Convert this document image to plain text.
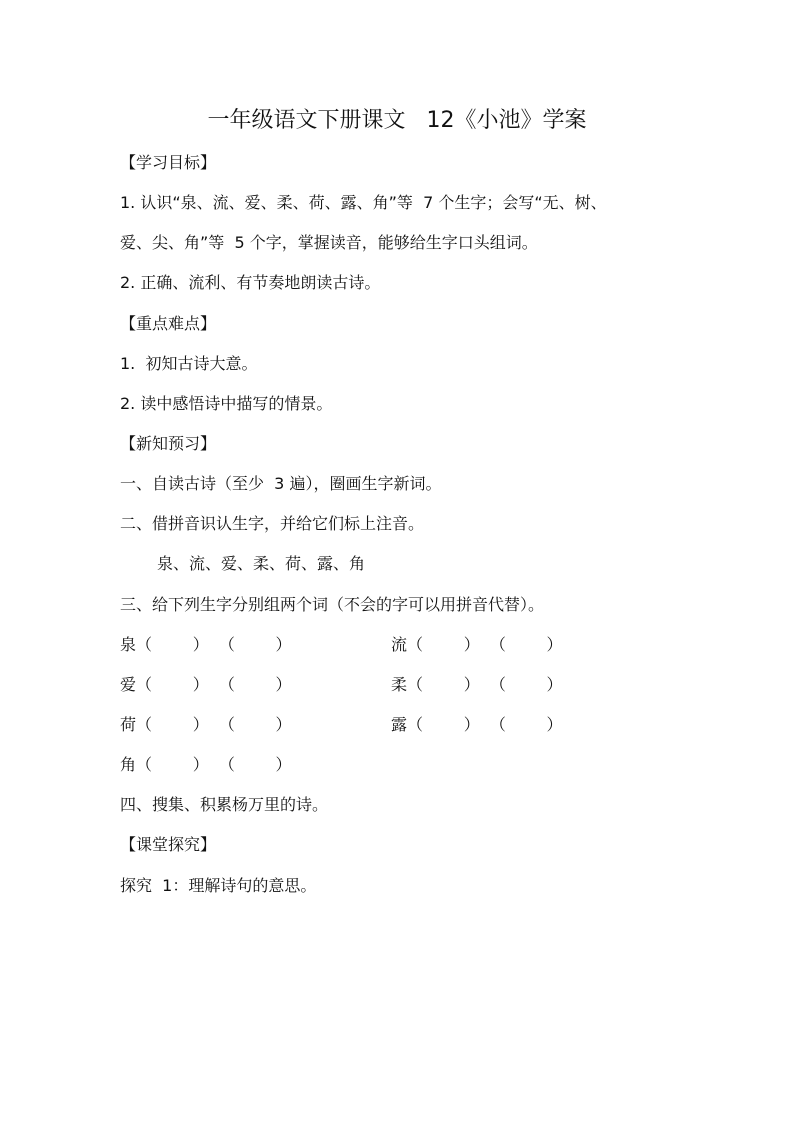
一年级语文下册课文   12《小池》学案
【学习目标】
1. 认识“泉、流、爱、柔、荷、露、角”等  7 个生字；会写“无、树、
爱、尖、角”等  5 个字，掌握读音，能够给生字口头组词。
2. 正确、流利、有节奏地朗读古诗。
【重点难点】
1.  初知古诗大意。
2. 读中感悟诗中描写的情景。
【新知预习】
一、自读古诗（至少  3 遍），圈画生字新词。
二、借拼音识认生字，并给它们标上注音。
泉、流、爱、柔、荷、露、角
三、给下列生字分别组两个词（不会的字可以用拼音代替）。
泉（        ）  （        ）	流（        ）  （        ）
爱（        ）  （        ）	柔（        ）  （        ）
荷（        ）  （        ）	露（        ）  （        ）
角（        ）  （        ）
四、搜集、积累杨万里的诗。
【课堂探究】
探究  1：理解诗句的意思。
